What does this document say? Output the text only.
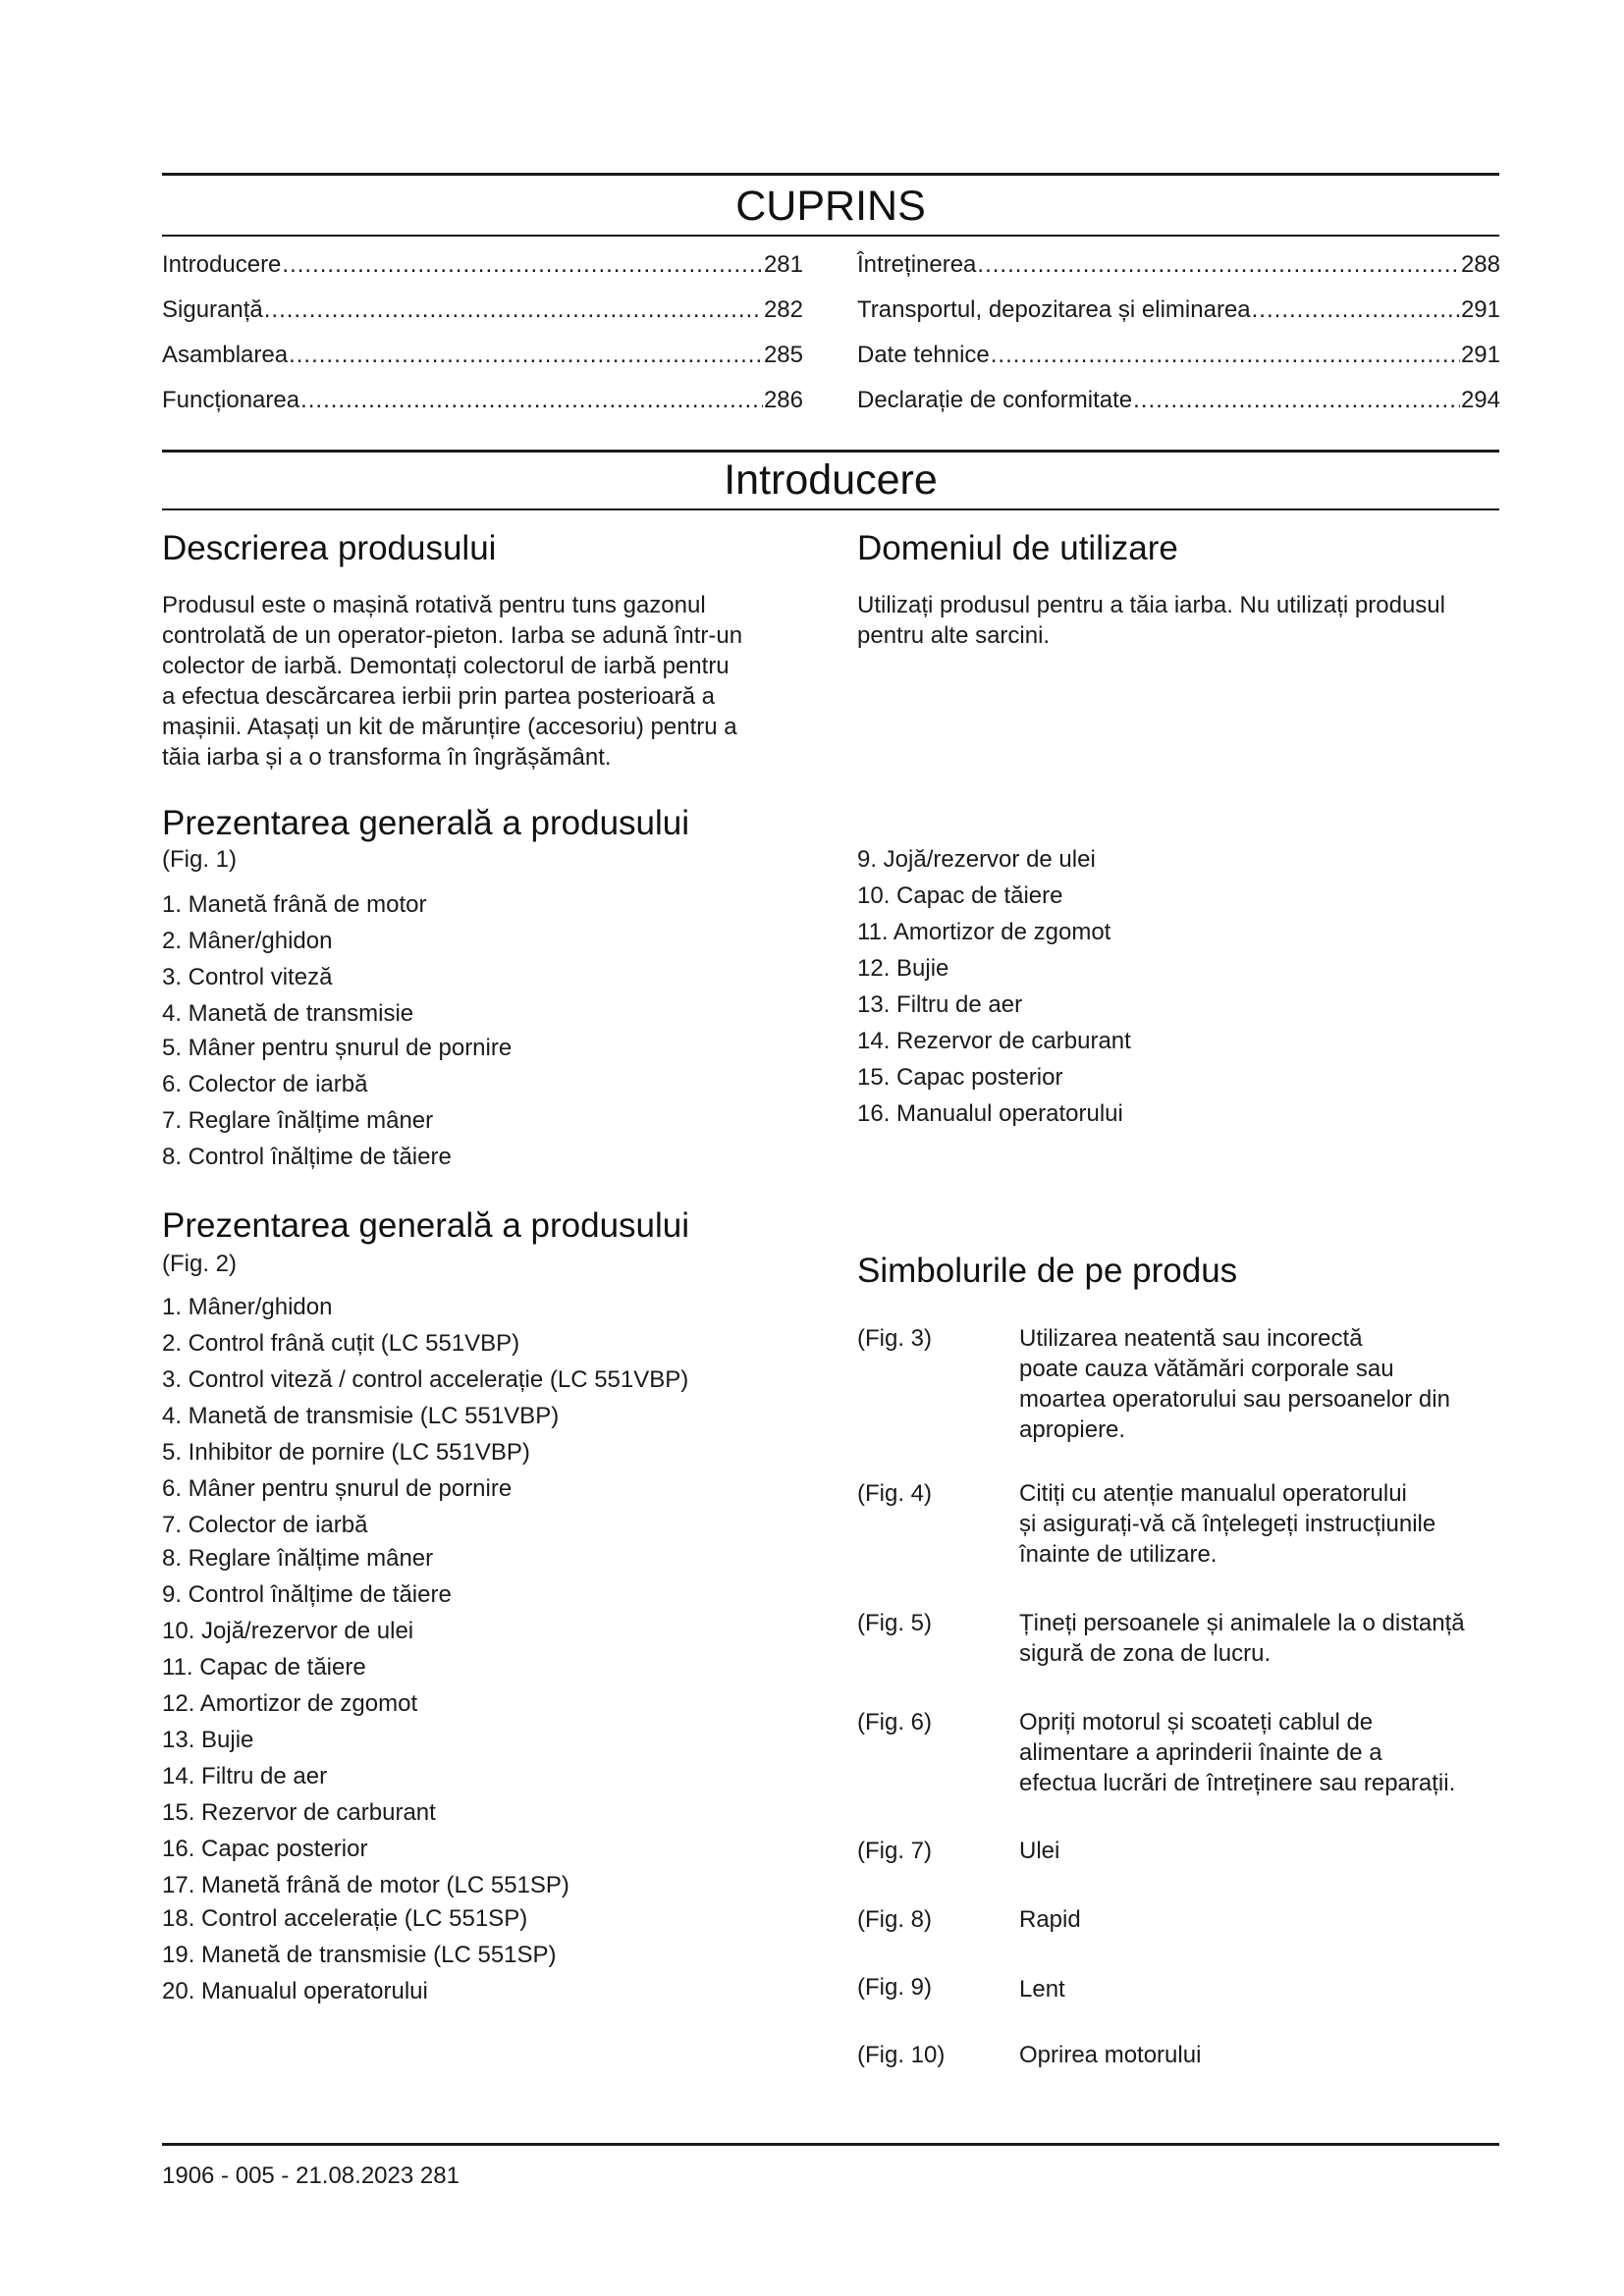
CUPRINS
Introducere .....	281
Siguranță .....	282
Asamblarea .....	285
Funcționarea .....	286
Întreținerea .....	288
Transportul, depozitarea și eliminarea .....	291
Date tehnice .....	291
Declarație de conformitate .....	294
Introducere
Descrierea produsului
Produsul este o mașină rotativă pentru tuns gazonul
controlată de un operator-pieton. Iarba se adună într-un
colector de iarbă. Demontați colectorul de iarbă pentru
a efectua descărcarea ierbii prin partea posterioară a
mașinii. Atașați un kit de mărunțire (accesoriu) pentru a
tăia iarba și a o transforma în îngrășământ.
Domeniul de utilizare
Utilizați produsul pentru a tăia iarba. Nu utilizați produsul
pentru alte sarcini.
Prezentarea generală a produsului
(Fig. 1)
1. Manetă frână de motor
2. Mâner/ghidon
3. Control viteză
4. Manetă de transmisie
5. Mâner pentru șnurul de pornire
6. Colector de iarbă
7. Reglare înălțime mâner
8. Control înălțime de tăiere
9. Jojă/rezervor de ulei
10. Capac de tăiere
11. Amortizor de zgomot
12. Bujie
13. Filtru de aer
14. Rezervor de carburant
15. Capac posterior
16. Manualul operatorului
Prezentarea generală a produsului
(Fig. 2)
1. Mâner/ghidon
2. Control frână cuțit (LC 551VBP)
3. Control viteză / control accelerație (LC 551VBP)
4. Manetă de transmisie (LC 551VBP)
5. Inhibitor de pornire (LC 551VBP)
6. Mâner pentru șnurul de pornire
7. Colector de iarbă
8. Reglare înălțime mâner
9. Control înălțime de tăiere
10. Jojă/rezervor de ulei
11. Capac de tăiere
12. Amortizor de zgomot
13. Bujie
14. Filtru de aer
15. Rezervor de carburant
16. Capac posterior
17. Manetă frână de motor (LC 551SP)
18. Control accelerație (LC 551SP)
19. Manetă de transmisie (LC 551SP)
20. Manualul operatorului
Simbolurile de pe produs
(Fig. 3)	Utilizarea neatentă sau incorectă
poate cauza vătămări corporale sau
moartea operatorului sau persoanelor din
apropiere.
(Fig. 4)	Citiți cu atenție manualul operatorului
și asigurați-vă că înțelegeți instrucțiunile
înainte de utilizare.
(Fig. 5)	Țineți persoanele și animalele la o distanță
sigură de zona de lucru.
(Fig. 6)	Opriți motorul și scoateți cablul de
alimentare a aprinderii înainte de a
efectua lucrări de întreținere sau reparații.
(Fig. 7)	Ulei
(Fig. 8)	Rapid
(Fig. 9)	Lent
(Fig. 10)	Oprirea motorului
1906 - 005 - 21.08.2023 281
